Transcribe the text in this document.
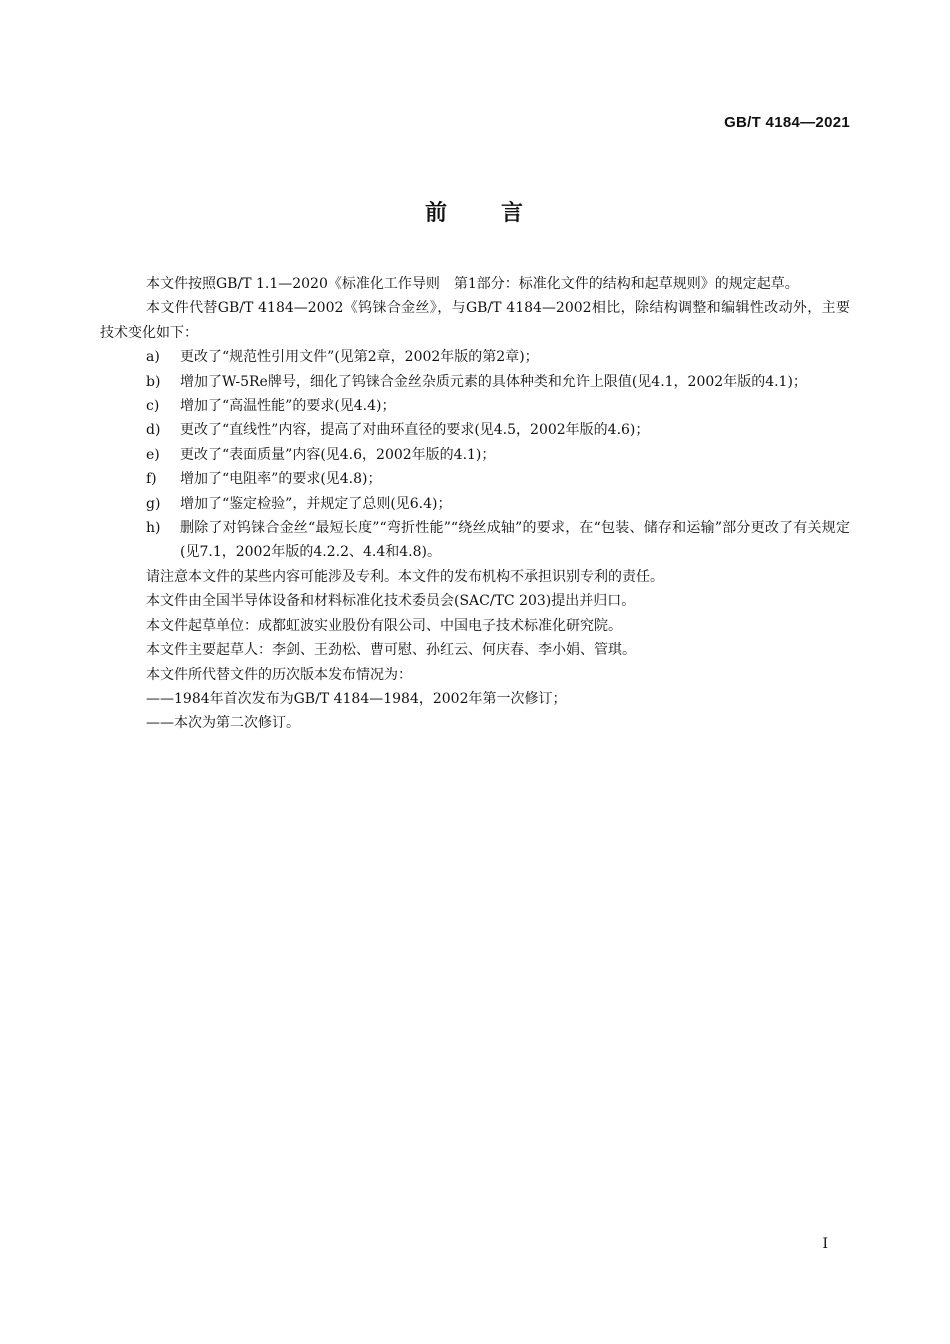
GB/T 4184—2021
前 言

本文件按照GB/T 1.1—2020《标准化工作导则　第1部分：标准化文件的结构和起草规则》的规定起草。

本文件代替GB/T 4184—2002《钨铼合金丝》，与GB/T 4184—2002相比，除结构调整和编辑性改动外，主要技术变化如下：

a) 更改了“规范性引用文件”(见第2章，2002年版的第2章)；
b) 增加了W-5Re牌号，细化了钨铼合金丝杂质元素的具体种类和允许上限值(见4.1，2002年版的4.1)；
c) 增加了“高温性能”的要求(见4.4)；
d) 更改了“直线性”内容，提高了对曲环直径的要求(见4.5，2002年版的4.6)；
e) 更改了“表面质量”内容(见4.6，2002年版的4.1)；
f) 增加了“电阻率”的要求(见4.8)；
g) 增加了“鉴定检验”，并规定了总则(见6.4)；
h) 删除了对钨铼合金丝“最短长度”“弯折性能”“绕丝成轴”的要求，在“包装、储存和运输”部分更改了有关规定(见7.1，2002年版的4.2.2、4.4和4.8)。

请注意本文件的某些内容可能涉及专利。本文件的发布机构不承担识别专利的责任。

本文件由全国半导体设备和材料标准化技术委员会(SAC/TC 203)提出并归口。

本文件起草单位：成都虹波实业股份有限公司、中国电子技术标准化研究院。

本文件主要起草人：李剑、王劲松、曹可慰、孙红云、何庆春、李小娟、管琪。

本文件所代替文件的历次版本发布情况为：

——1984年首次发布为GB/T 4184—1984，2002年第一次修订；

——本次为第二次修订。

I
